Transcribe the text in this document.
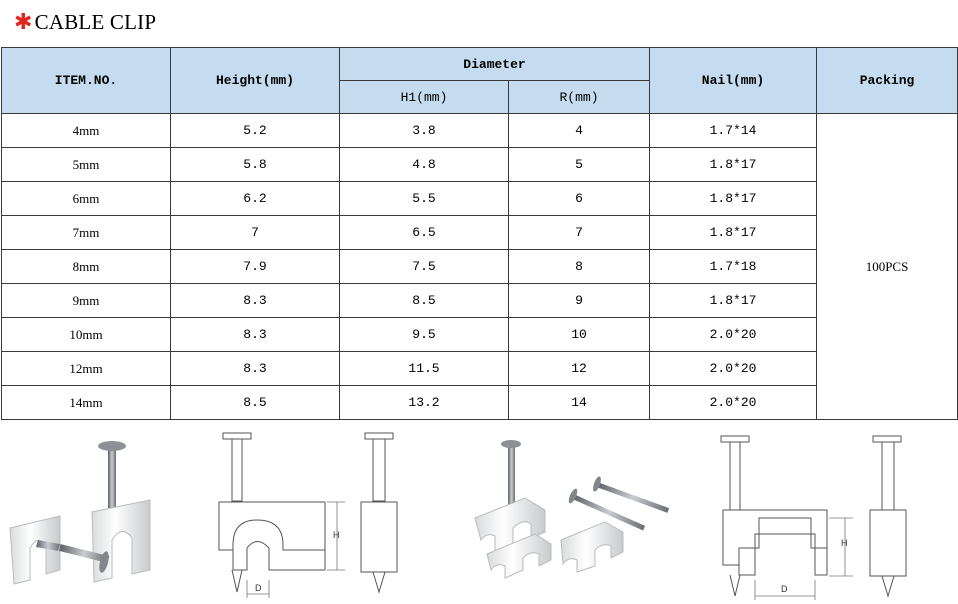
✱ CABLE CLIP
ITEM.NO.	Height(mm)	Diameter		Nail(mm)	Packing
		H1(mm)	R(mm)		
4mm	5.2	3.8	4	1.7*14	100PCS
5mm	5.8	4.8	5	1.8*17	
6mm	6.2	5.5	6	1.8*17	
7mm	7	6.5	7	1.8*17	
8mm	7.9	7.5	8	1.7*18	
9mm	8.3	8.5	9	1.8*17	
10mm	8.3	9.5	10	2.0*20	
12mm	8.3	11.5	12	2.0*20	
14mm	8.5	13.2	14	2.0*20	
H
D
H
D
